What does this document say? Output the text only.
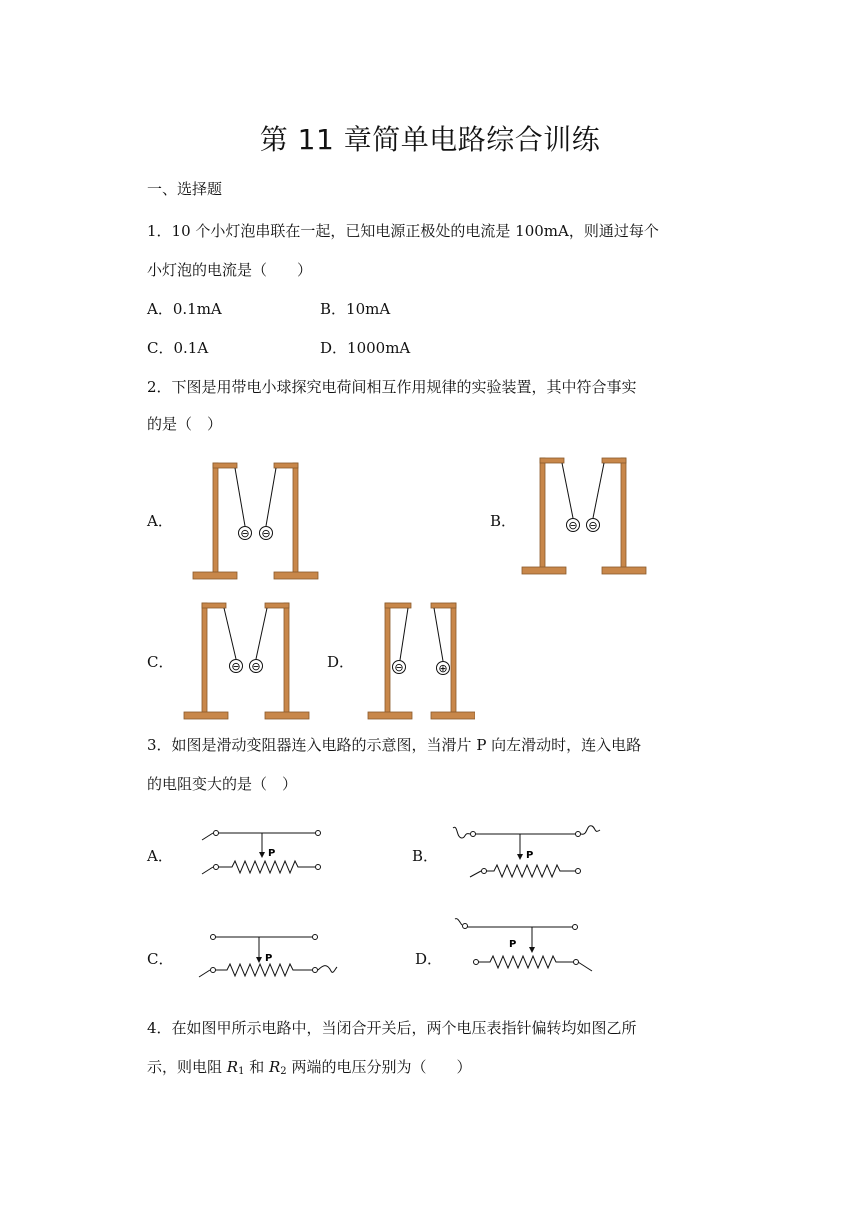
第 11 章简单电路综合训练
一、选择题
1．10 个小灯泡串联在一起，已知电源正极处的电流是 100mA，则通过每个
小灯泡的电流是（　　）
A．0.1mA	B．10mA
C．0.1A	D．1000mA
2．下图是用带电小球探究电荷间相互作用规律的实验装置，其中符合事实
的是（　）
A．	B．
C．	D．
⊖ ⊖
⊖ ⊖
⊖ ⊖	⊖	⊕
3．如图是滑动变阻器连入电路的示意图，当滑片 P 向左滑动时，连入电路
的电阻变大的是（　）
A．	B．
C．	D．
P	P
P
P
4．在如图甲所示电路中，当闭合开关后，两个电压表指针偏转均如图乙所
示，则电阻 $R_1$ 和 $R_2$ 两端的电压分别为（　　）
